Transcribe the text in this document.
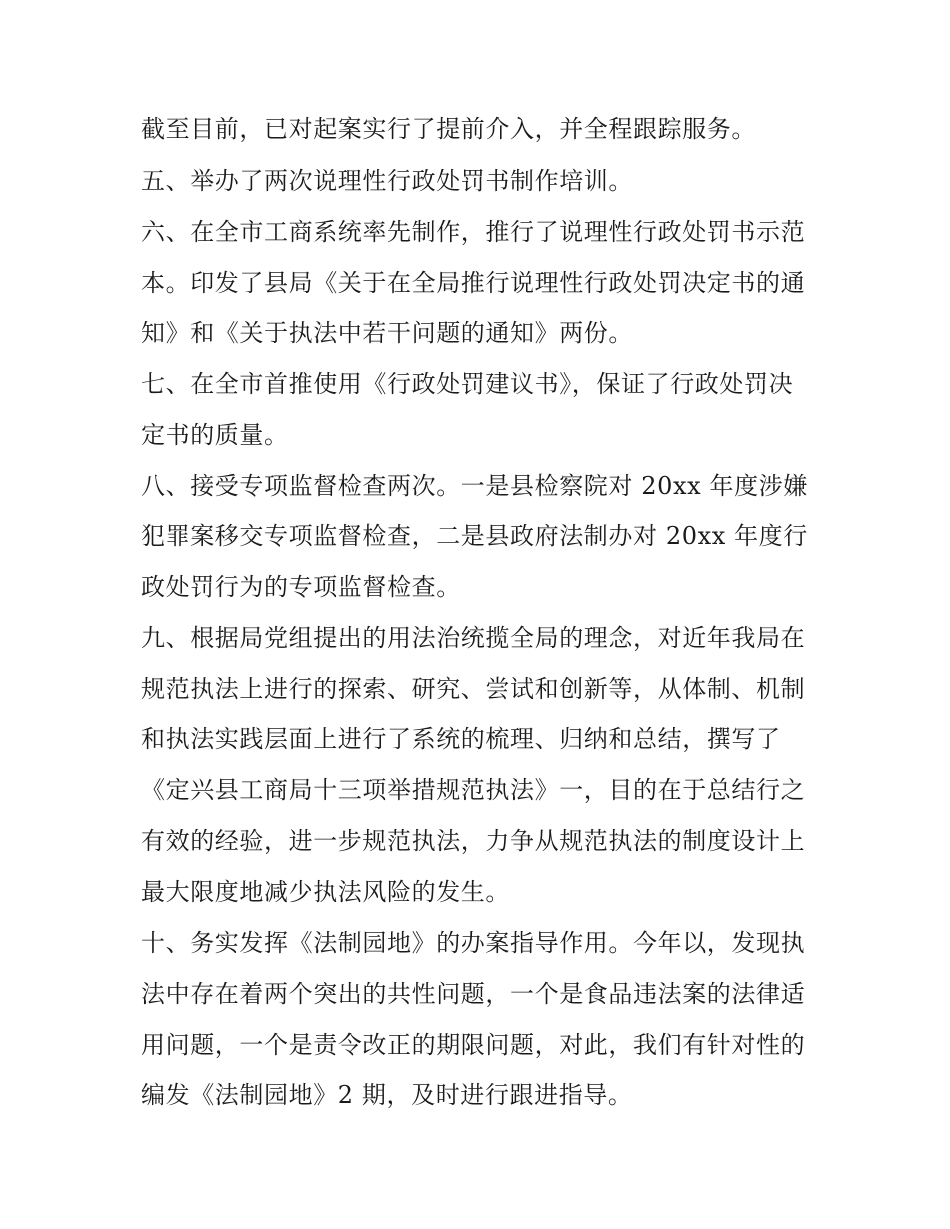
截至目前，已对起案实行了提前介入，并全程跟踪服务。
五、举办了两次说理性行政处罚书制作培训。
六、在全市工商系统率先制作，推行了说理性行政处罚书示范
本。印发了县局《关于在全局推行说理性行政处罚决定书的通
知》和《关于执法中若干问题的通知》两份。
七、在全市首推使用《行政处罚建议书》，保证了行政处罚决
定书的质量。
八、接受专项监督检查两次。一是县检察院对 20xx 年度涉嫌
犯罪案移交专项监督检查，二是县政府法制办对 20xx 年度行
政处罚行为的专项监督检查。
九、根据局党组提出的用法治统揽全局的理念，对近年我局在
规范执法上进行的探索、研究、尝试和创新等，从体制、机制
和执法实践层面上进行了系统的梳理、归纳和总结，撰写了
《定兴县工商局十三项举措规范执法》一，目的在于总结行之
有效的经验，进一步规范执法，力争从规范执法的制度设计上
最大限度地减少执法风险的发生。
十、务实发挥《法制园地》的办案指导作用。今年以，发现执
法中存在着两个突出的共性问题，一个是食品违法案的法律适
用问题，一个是责令改正的期限问题，对此，我们有针对性的
编发《法制园地》2 期，及时进行跟进指导。
